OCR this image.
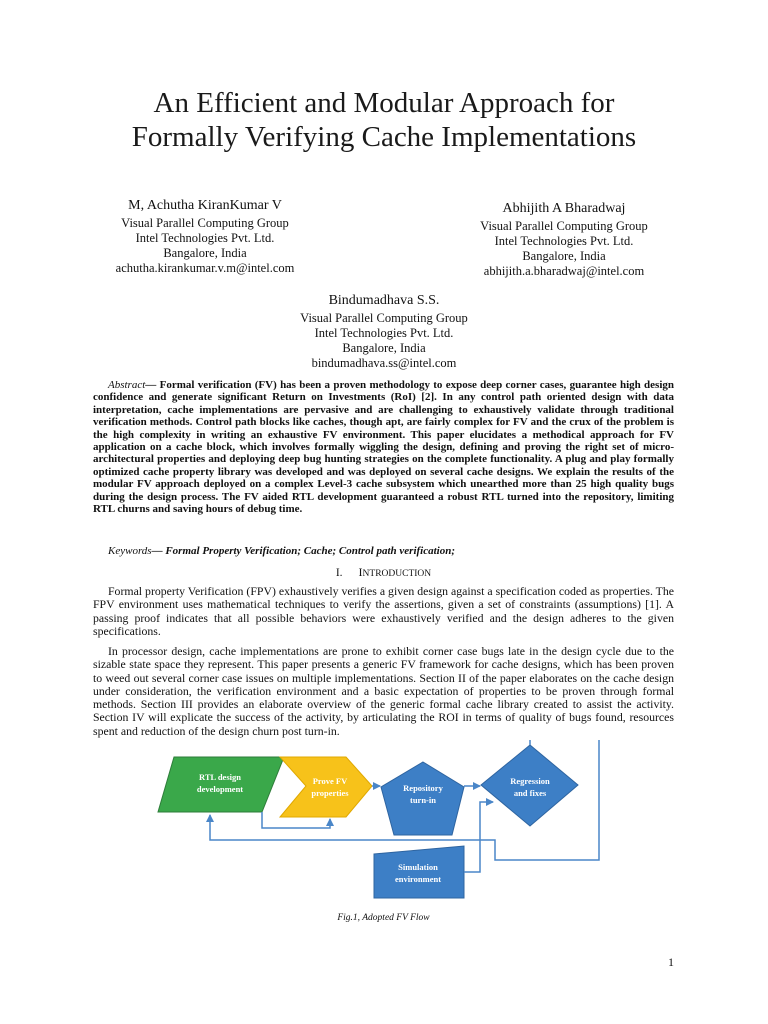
An Efficient and Modular Approach for
Formally Verifying Cache Implementations
M, Achutha KiranKumar V
Visual Parallel Computing Group
Intel Technologies Pvt. Ltd.
Bangalore, India
achutha.kirankumar.v.m@intel.com
Abhijith A Bharadwaj
Visual Parallel Computing Group
Intel Technologies Pvt. Ltd.
Bangalore, India
abhijith.a.bharadwaj@intel.com
Bindumadhava S.S.
Visual Parallel Computing Group
Intel Technologies Pvt. Ltd.
Bangalore, India
bindumadhava.ss@intel.com
Abstract— Formal verification (FV) has been a proven methodology to expose deep corner cases, guarantee high design confidence and generate significant Return on Investments (RoI) [2]. In any control path oriented design with data interpretation, cache implementations are pervasive and are challenging to exhaustively validate through traditional verification methods. Control path blocks like caches, though apt, are fairly complex for FV and the crux of the problem is the high complexity in writing an exhaustive FV environment. This paper elucidates a methodical approach for FV application on a cache block, which involves formally wiggling the design, defining and proving the right set of micro-architectural properties and deploying deep bug hunting strategies on the complete functionality. A plug and play formally optimized cache property library was developed and was deployed on several cache designs. We explain the results of the modular FV approach deployed on a complex Level-3 cache subsystem which unearthed more than 25 high quality bugs during the design process. The FV aided RTL development guaranteed a robust RTL turned into the repository, limiting RTL churns and saving hours of debug time.
Keywords— Formal Property Verification; Cache; Control path verification;
I. INTRODUCTION
Formal property Verification (FPV) exhaustively verifies a given design against a specification coded as properties. The FPV environment uses mathematical techniques to verify the assertions, given a set of constraints (assumptions) [1]. A passing proof indicates that all possible behaviors were exhaustively verified and the design adheres to the given specifications.
In processor design, cache implementations are prone to exhibit corner case bugs late in the design cycle due to the sizable state space they represent. This paper presents a generic FV framework for cache designs, which has been proven to weed out several corner case issues on multiple implementations. Section II of the paper elaborates on the cache design under consideration, the verification environment and a basic expectation of properties to be proven through formal methods. Section III provides an elaborate overview of the generic formal cache library created to assist the activity. Section IV will explicate the success of the activity, by articulating the ROI in terms of quality of bugs found, resources spent and reduction of the design churn post turn-in.
RTL design
development
Prove FV
properties	Repository
turn-in
Regression
and fixes
Simulation
environment
Fig.1, Adopted FV Flow
1
